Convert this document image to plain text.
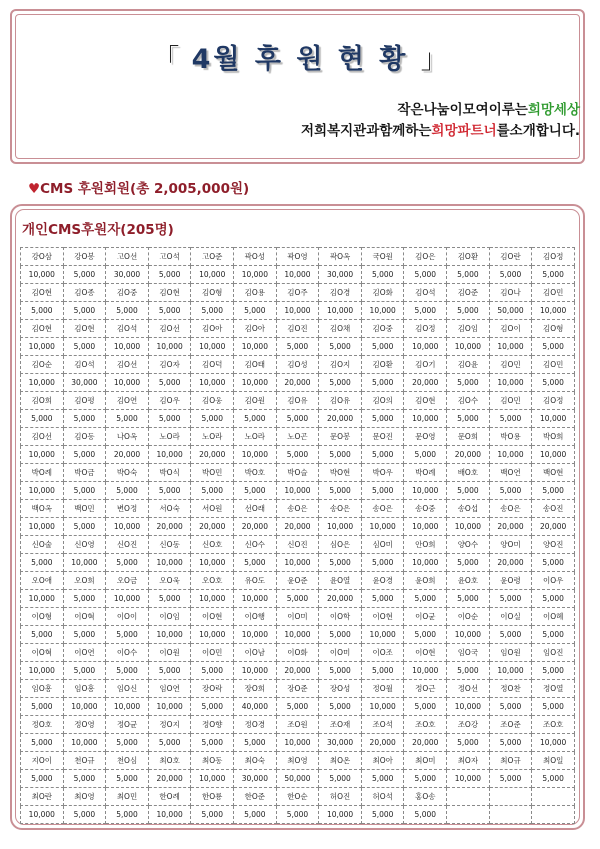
「 4월 후 원 현 황 」
작은나눔이모여이루는희망세상
저희복지관과함께하는희망파트너를소개합니다.
♥CMS 후원회원(총 2,005,000원)
개인CMS후원자(205명)
강O삼	강O봉	고O선	고O석	고O준	곽O성	곽O영	곽O옥	국O원	김O은	김O환	김O란	김O정
10,000	5,000	30,000	5,000	10,000	10,000	10,000	30,000	5,000	5,000	5,000	5,000	5,000
김O현	김O종	김O중	김O현	김O형	김O용	김O주	김O경	김O화	김O석	김O준	김O나	김O민
5,000	5,000	5,000	5,000	5,000	5,000	10,000	10,000	10,000	5,000	5,000	50,000	10,000
김O현	김O현	김O석	김O선	김O아	김O아	김O진	김O채	김O중	김O정	김O임	김O이	김O형
10,000	5,000	10,000	10,000	10,000	10,000	5,000	5,000	5,000	10,000	10,000	10,000	5,000
김O순	김O석	김O선	김O자	김O덕	김O태	김O성	김O지	김O환	김O기	김O윤	김O민	김O민
10,000	30,000	10,000	5,000	10,000	10,000	20,000	5,000	5,000	20,000	5,000	10,000	5,000
김O희	김O평	김O연	김O우	김O웅	김O원	김O유	김O유	김O의	김O현	김O수	김O민	김O정
5,000	5,000	5,000	5,000	5,000	5,000	5,000	20,000	5,000	10,000	5,000	5,000	10,000
김O선	김O동	나O옥	노O라	노O라	노O라	노O곤	문O봉	문O진	문O영	문O희	박O용	박O희
10,000	5,000	20,000	10,000	20,000	10,000	5,000	5,000	5,000	5,000	20,000	10,000	10,000
박O례	박O금	박O숙	박O식	박O민	박O호	박O슬	박O현	박O우	박O례	배O호	백O연	백O현
10,000	5,000	5,000	5,000	5,000	5,000	10,000	5,000	5,000	10,000	5,000	5,000	5,000
백O옥	백O민	변O정	서O숙	서O원	선O래	송O은	송O은	송O은	송O중	송O섭	송O은	송O진
10,000	5,000	10,000	20,000	20,000	20,000	20,000	10,000	10,000	10,000	10,000	20,000	20,000
신O술	신O영	신O진	신O동	신O호	신O수	신O진	심O은	심O미	안O희	양O수	양O미	양O진
5,000	10,000	5,000	10,000	10,000	5,000	10,000	5,000	5,000	10,000	5,000	20,000	5,000
오O애	오O희	오O금	오O욱	오O호	유O도	윤O준	윤O열	윤O경	윤O희	윤O호	윤O령	이O우
10,000	5,000	10,000	5,000	10,000	10,000	5,000	20,000	5,000	5,000	5,000	5,000	5,000
이O형	이O혁	이O이	이O임	이O현	이O행	이O미	이O학	이O현	이O균	이O순	이O실	이O혜
5,000	5,000	5,000	10,000	10,000	10,000	10,000	5,000	10,000	5,000	10,000	5,000	5,000
이O혁	이O연	이O수	이O원	이O민	이O남	이O화	이O미	이O조	이O현	임O국	임O원	임O진
10,000	5,000	5,000	5,000	5,000	10,000	20,000	5,000	5,000	10,000	5,000	10,000	5,000
임O흥	임O흥	임O신	임O연	장O락	장O희	장O준	장O성	정O월	정O근	정O선	정O찬	정O열
5,000	10,000	10,000	10,000	5,000	40,000	5,000	5,000	10,000	5,000	10,000	5,000	5,000
정O호	정O영	정O균	정O지	정O향	정O경	조O원	조O재	조O석	조O호	조O강	조O준	조O호
5,000	10,000	5,000	5,000	5,000	5,000	10,000	30,000	20,000	20,000	5,000	5,000	10,000
지O이	천O규	천O심	최O호	최O동	최O숙	최O영	최O온	최O아	최O미	최O자	최O규	최O일
5,000	5,000	5,000	20,000	10,000	30,000	50,000	5,000	5,000	5,000	10,000	5,000	5,000
최O란	최O영	최O민	한O례	한O룡	한O준	한O순	허O진	허O석	홍O송			
10,000	5,000	5,000	10,000	5,000	5,000	5,000	10,000	5,000	5,000			
